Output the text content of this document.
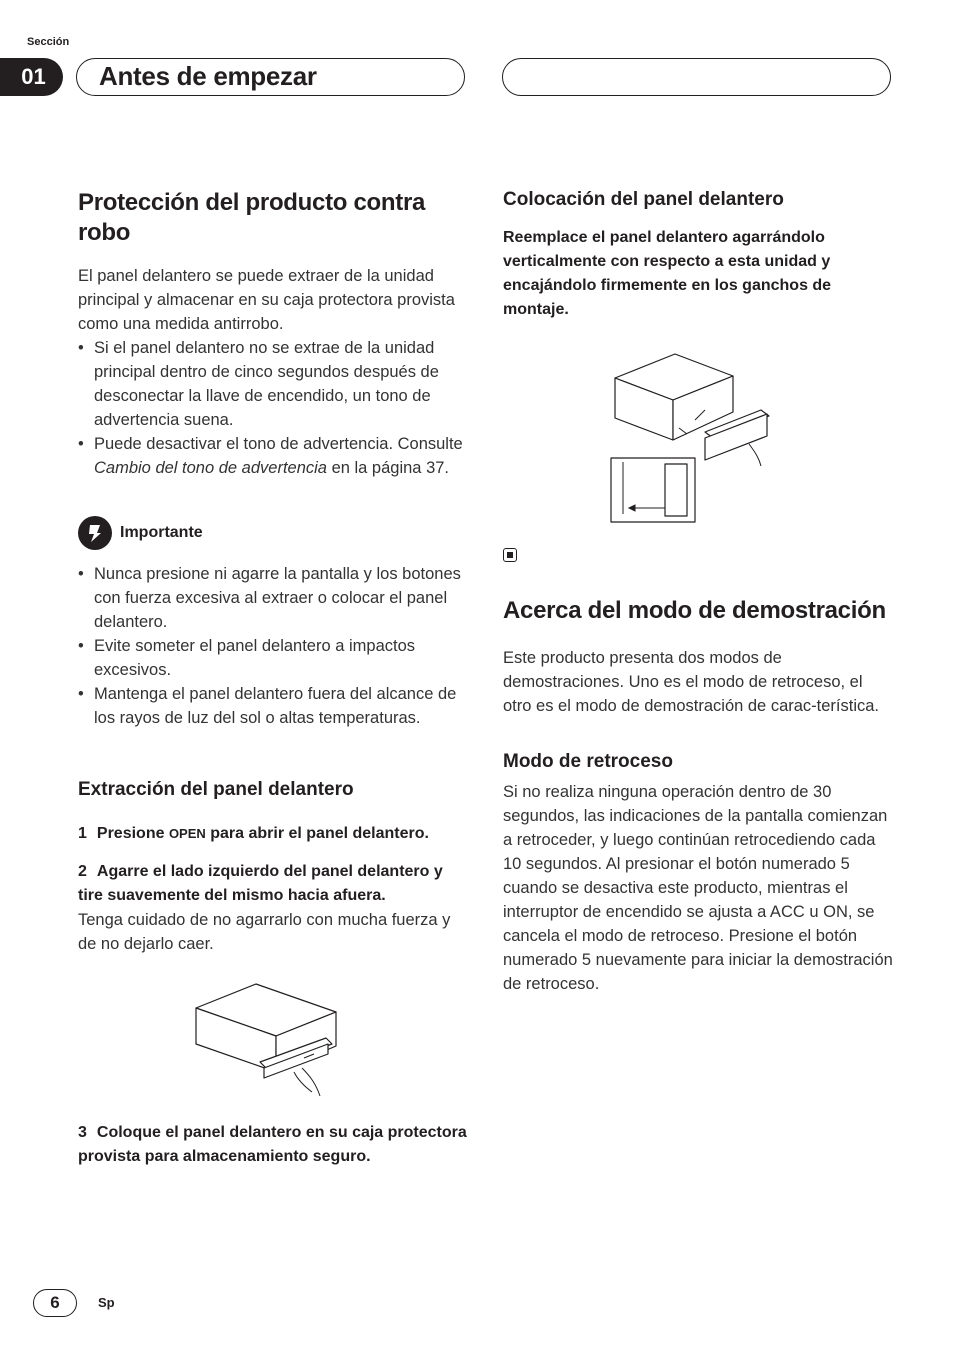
Sección
01	Antes de empezar
Protección del producto contra robo

El panel delantero se puede extraer de la unidad principal y almacenar en su caja protectora provista como una medida antirrobo.

• Si el panel delantero no se extrae de la unidad principal dentro de cinco segundos después de desconectar la llave de encendido, un tono de advertencia suena.
• Puede desactivar el tono de advertencia. Consulte Cambio del tono de advertencia en la página 37.
Importante
• Nunca presione ni agarre la pantalla y los botones con fuerza excesiva al extraer o colocar el panel delantero.
• Evite someter el panel delantero a impactos excesivos.
• Mantenga el panel delantero fuera del alcance de los rayos de luz del sol o altas temperaturas.
Extracción del panel delantero

1 Presione OPEN para abrir el panel delantero.

2 Agarre el lado izquierdo del panel delantero y tire suavemente del mismo hacia afuera.

Tenga cuidado de no agarrarlo con mucha fuerza y de no dejarlo caer.

3 Coloque el panel delantero en su caja protectora provista para almacenamiento seguro.

Colocación del panel delantero

Reemplace el panel delantero agarrándolo verticalmente con respecto a esta unidad y encajándolo firmemente en los ganchos de montaje.

Acerca del modo de demostración

Este producto presenta dos modos de demostraciones. Uno es el modo de retroceso, el otro es el modo de demostración de carac-terística.

Modo de retroceso

Si no realiza ninguna operación dentro de 30 segundos, las indicaciones de la pantalla comienzan a retroceder, y luego continúan retrocediendo cada 10 segundos. Al presionar el botón numerado 5 cuando se desactiva este producto, mientras el interruptor de encendido se ajusta a ACC u ON, se cancela el modo de retroceso. Presione el botón numerado 5 nuevamente para iniciar la demostración de retroceso.

6	Sp
